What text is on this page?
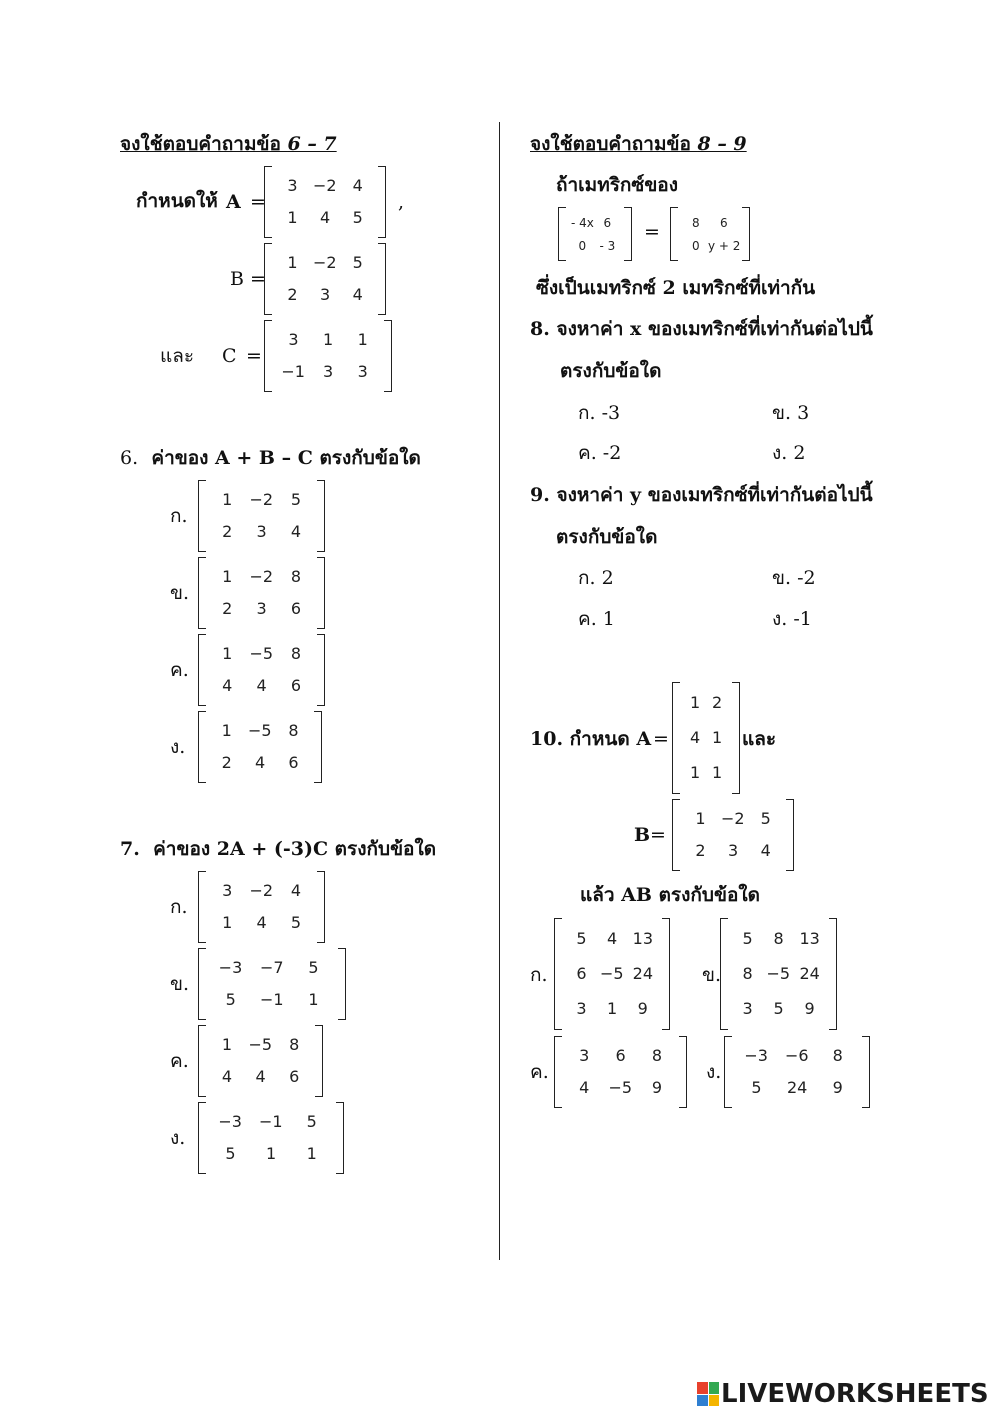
จงใช้ตอบคำถามข้อ 6 – 7
กำหนดให้ A =
3 −2 4
1 4 5
,
B =
1 −2 5
2 3 4
และ C =
3 1 1
−1 3 3
6. ค่าของ A + B – C ตรงกับข้อใด
ก.
1 −2 5
2 3 4
ข.
1 −2 8
2 3 6
ค.
1 −5 8
4 4 6
ง.
1 −5 8
2 4 6
7. ค่าของ 2A + (-3)C ตรงกับข้อใด
ก.
3 −2 4
1 4 5
ข.
−3 −7 5
5 −1 1
ค.
1 −5 8
4 4 6
ง.
−3 −1 5
5 1 1
จงใช้ตอบคำถามข้อ 8 – 9
ถ้าเมทริกซ์ของ
- 4x 6
0 - 3
=	8 6
0 y + 2
ซึ่งเป็นเมทริกซ์ 2 เมทริกซ์ที่เท่ากัน
8. จงหาค่า x ของเมทริกซ์ที่เท่ากันต่อไปนี้
ตรงกับข้อใด
ก. -3	ข. 3
ค. -2	ง. 2
9. จงหาค่า y ของเมทริกซ์ที่เท่ากันต่อไปนี้
ตรงกับข้อใด
ก. 2	ข. -2
ค. 1	ง. -1
10. กำหนด A =
1 2
4 1
1 1
และ
B =
1 −2 5
2 3 4
แล้ว AB ตรงกับข้อใด
ก.
5 4 13
6 −5 24
3 1 9
ข.
5 8 13
8 −5 24
3 5 9
ค.
3 6 8
4 −5 9
ง.
−3 −6 8
5 24 9
LIVEWORKSHEETS
